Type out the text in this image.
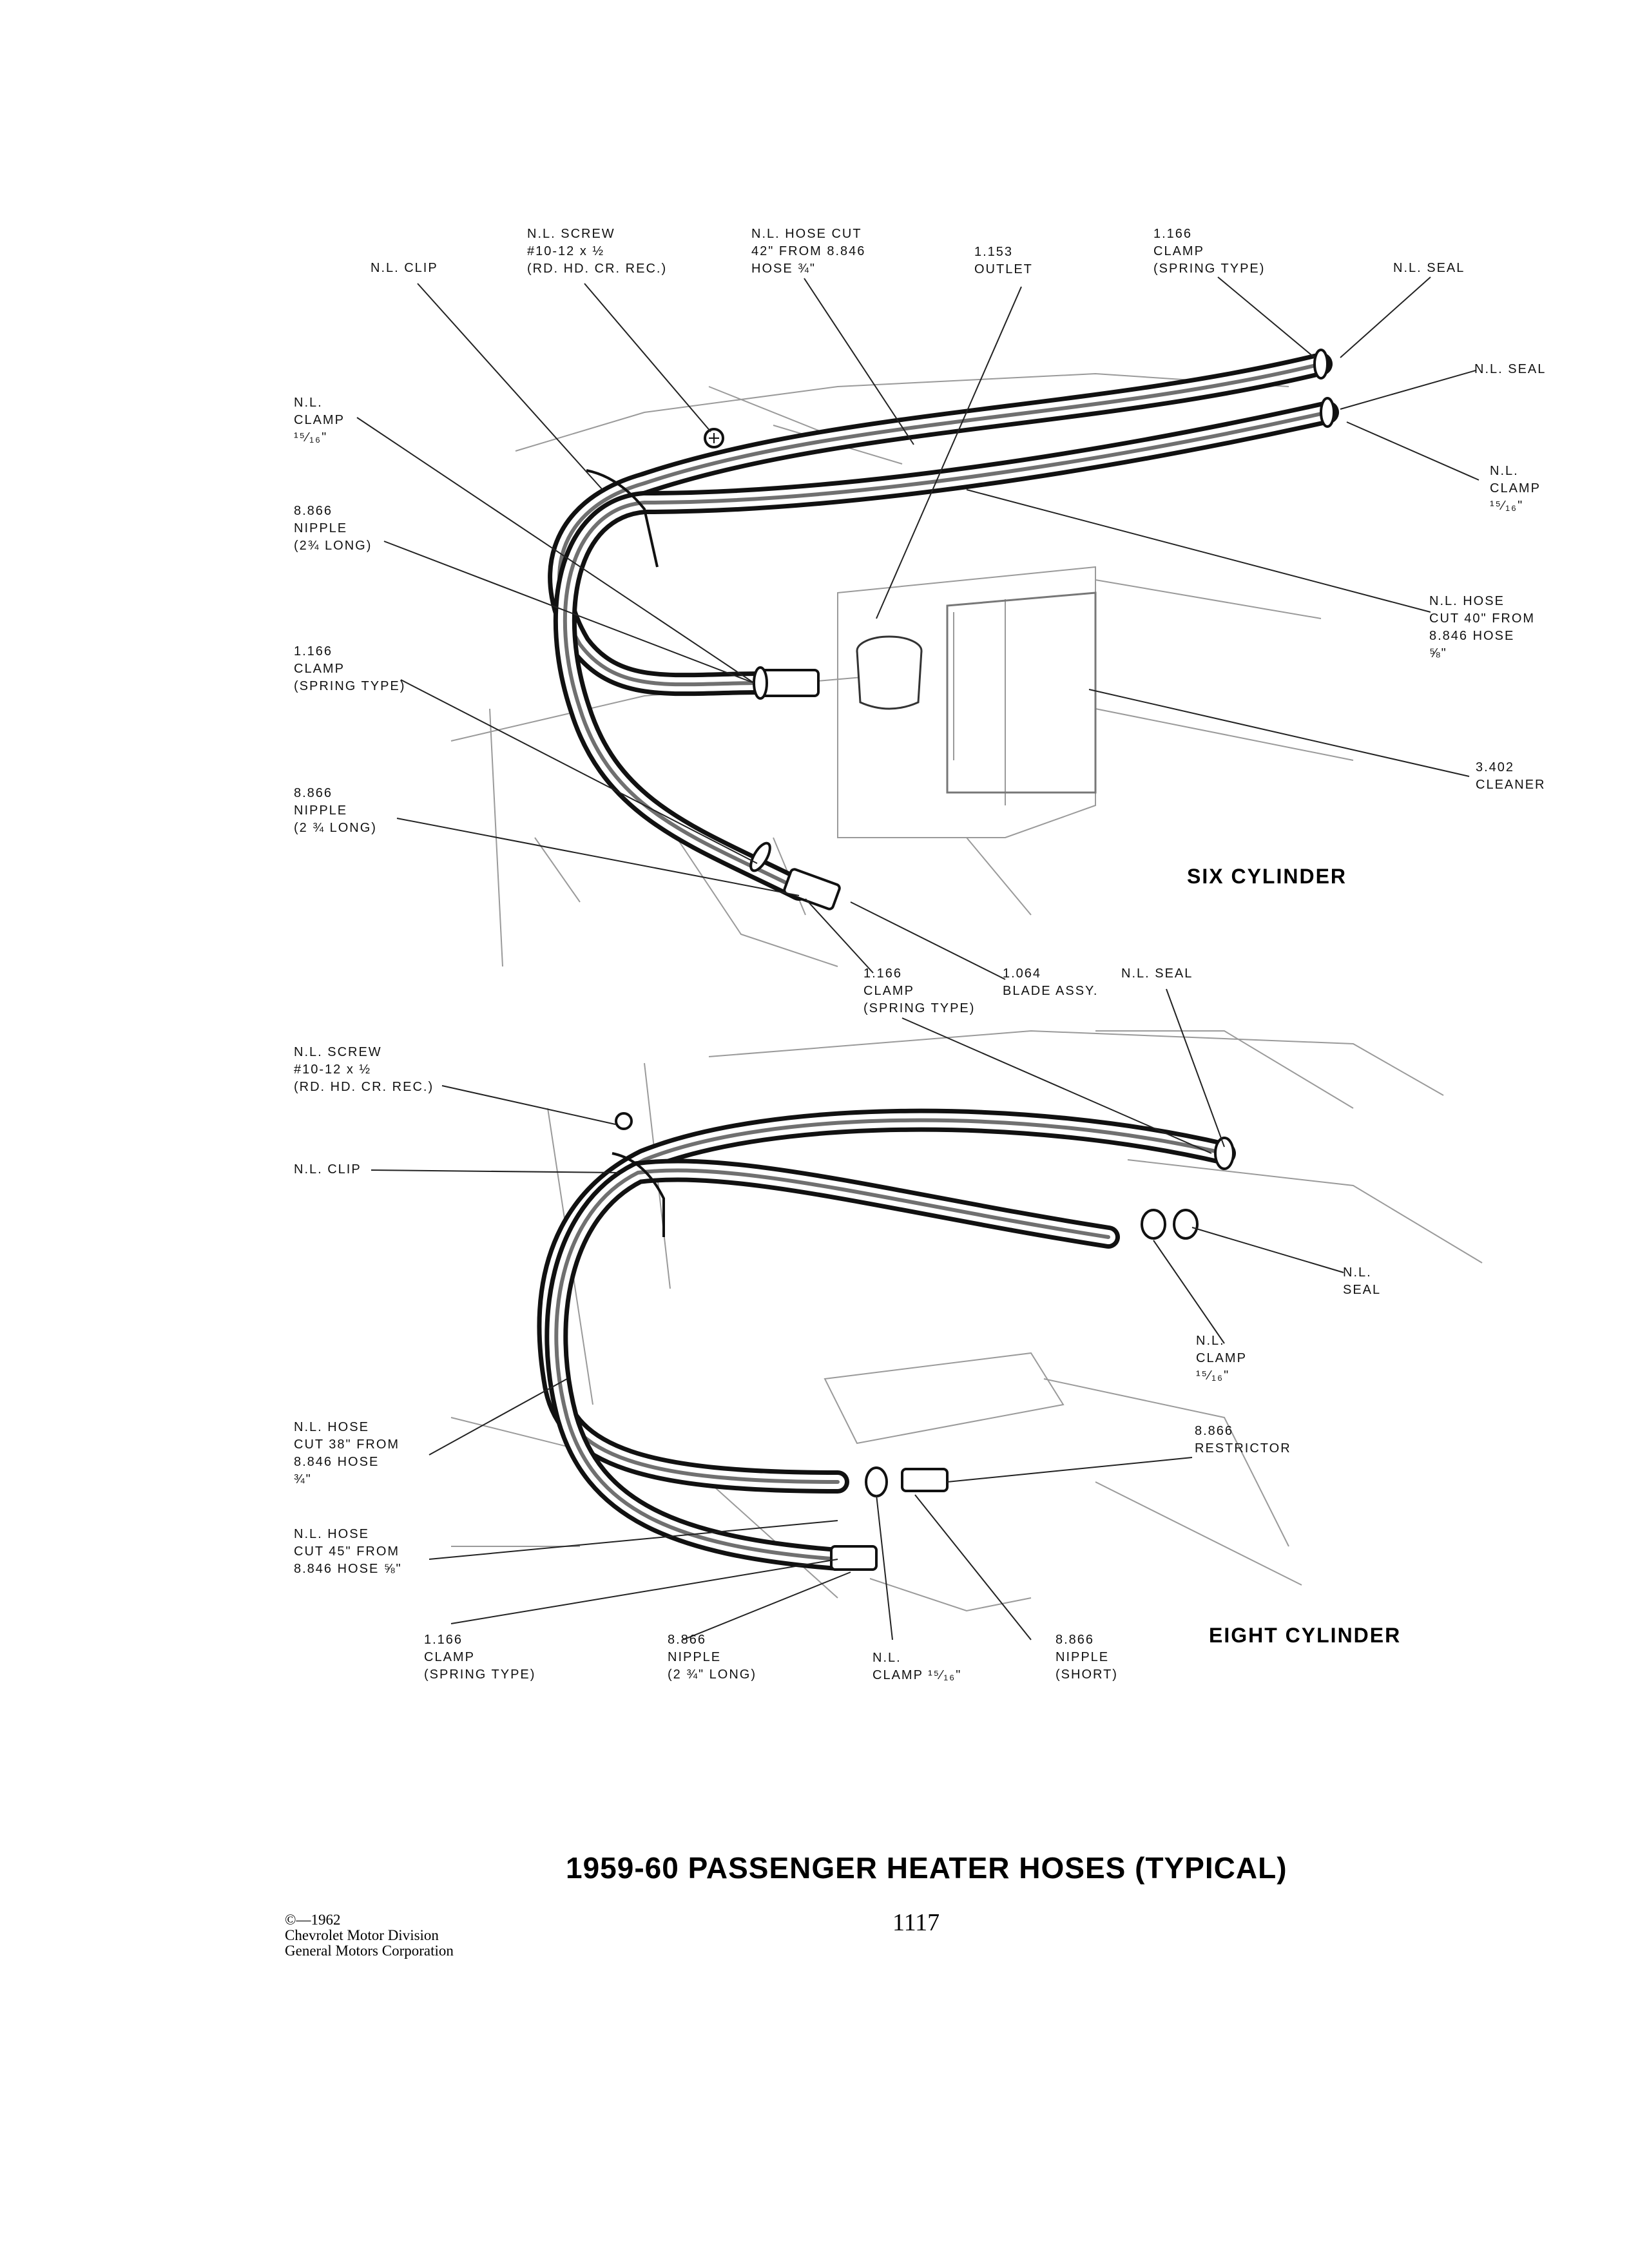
N.L. CLIP
N.L. SCREW
#10-12 x ½
(RD. HD. CR. REC.)
N.L. HOSE CUT
42" FROM 8.846
HOSE ¾"
1.153
OUTLET
1.166
CLAMP
(SPRING TYPE)	N.L. SEAL
N.L. SEAL
N.L.
CLAMP
¹⁵⁄₁₆"
N.L. HOSE
CUT 40" FROM
8.846 HOSE
⅝"
3.402
CLEANER
N.L.
CLAMP
¹⁵⁄₁₆"
8.866
NIPPLE
(2¾ LONG)
1.166
CLAMP
(SPRING TYPE)
8.866
NIPPLE
(2 ¾ LONG)
1.166
CLAMP
(SPRING TYPE)
1.064
BLADE ASSY.
N.L. SEAL
SIX CYLINDER
N.L. SCREW
#10-12 x ½
(RD. HD. CR. REC.)
N.L. CLIP
N.L.
SEAL
N.L.
CLAMP
¹⁵⁄₁₆"
8.866
RESTRICTOR
N.L. HOSE
CUT 38" FROM
8.846 HOSE
¾"
N.L. HOSE
CUT 45" FROM
8.846 HOSE ⅝"
1.166
CLAMP
(SPRING TYPE)
8.866
NIPPLE
(2 ¾" LONG)
N.L.
CLAMP ¹⁵⁄₁₆"
8.866
NIPPLE
(SHORT)
EIGHT CYLINDER
1959-60 PASSENGER HEATER HOSES (TYPICAL)
©—1962
Chevrolet Motor Division
General Motors Corporation
1117
